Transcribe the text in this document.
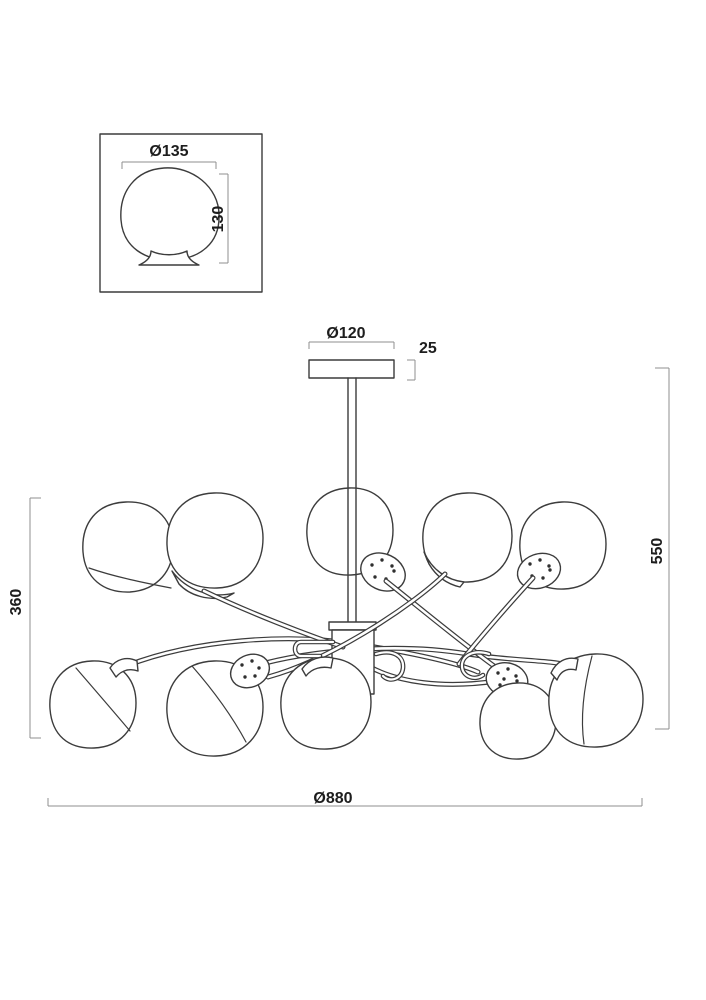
Ø135
130
Ø120
25
360
550
Ø880
